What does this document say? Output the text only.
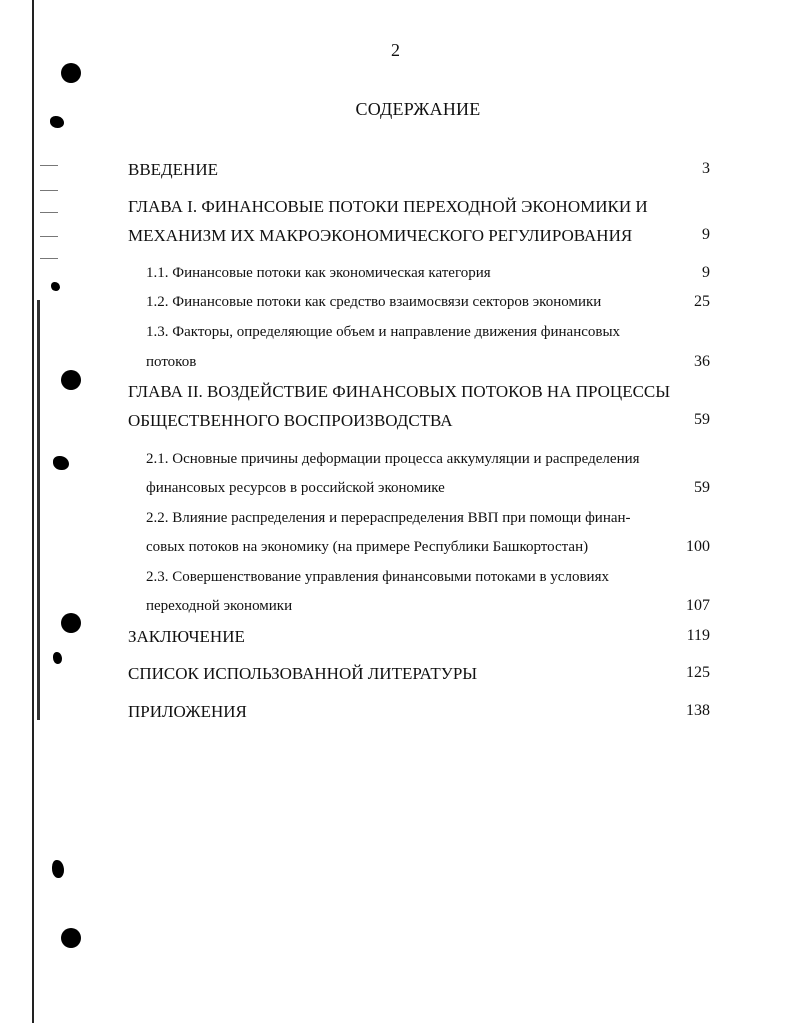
2
СОДЕРЖАНИЕ
ВВЕДЕНИЕ	3
ГЛАВА I. ФИНАНСОВЫЕ ПОТОКИ ПЕРЕХОДНОЙ ЭКОНОМИКИ И
МЕХАНИЗМ ИХ МАКРОЭКОНОМИЧЕСКОГО РЕГУЛИРОВАНИЯ	9
1.1. Финансовые потоки как экономическая категория	9
1.2. Финансовые потоки как средство взаимосвязи секторов экономики	25
1.3. Факторы, определяющие объем и направление движения финансовых
потоков	36
ГЛАВА II. ВОЗДЕЙСТВИЕ ФИНАНСОВЫХ ПОТОКОВ НА ПРОЦЕССЫ
ОБЩЕСТВЕННОГО ВОСПРОИЗВОДСТВА	59
2.1. Основные причины деформации процесса аккумуляции и распределения
финансовых ресурсов в российской экономике	59
2.2. Влияние распределения и перераспределения ВВП при помощи финан-
совых потоков на экономику (на примере Республики Башкортостан)	100
2.3. Совершенствование управления финансовыми потоками в условиях
переходной экономики	107
ЗАКЛЮЧЕНИЕ	119
СПИСОК ИСПОЛЬЗОВАННОЙ ЛИТЕРАТУРЫ	125
ПРИЛОЖЕНИЯ	138
